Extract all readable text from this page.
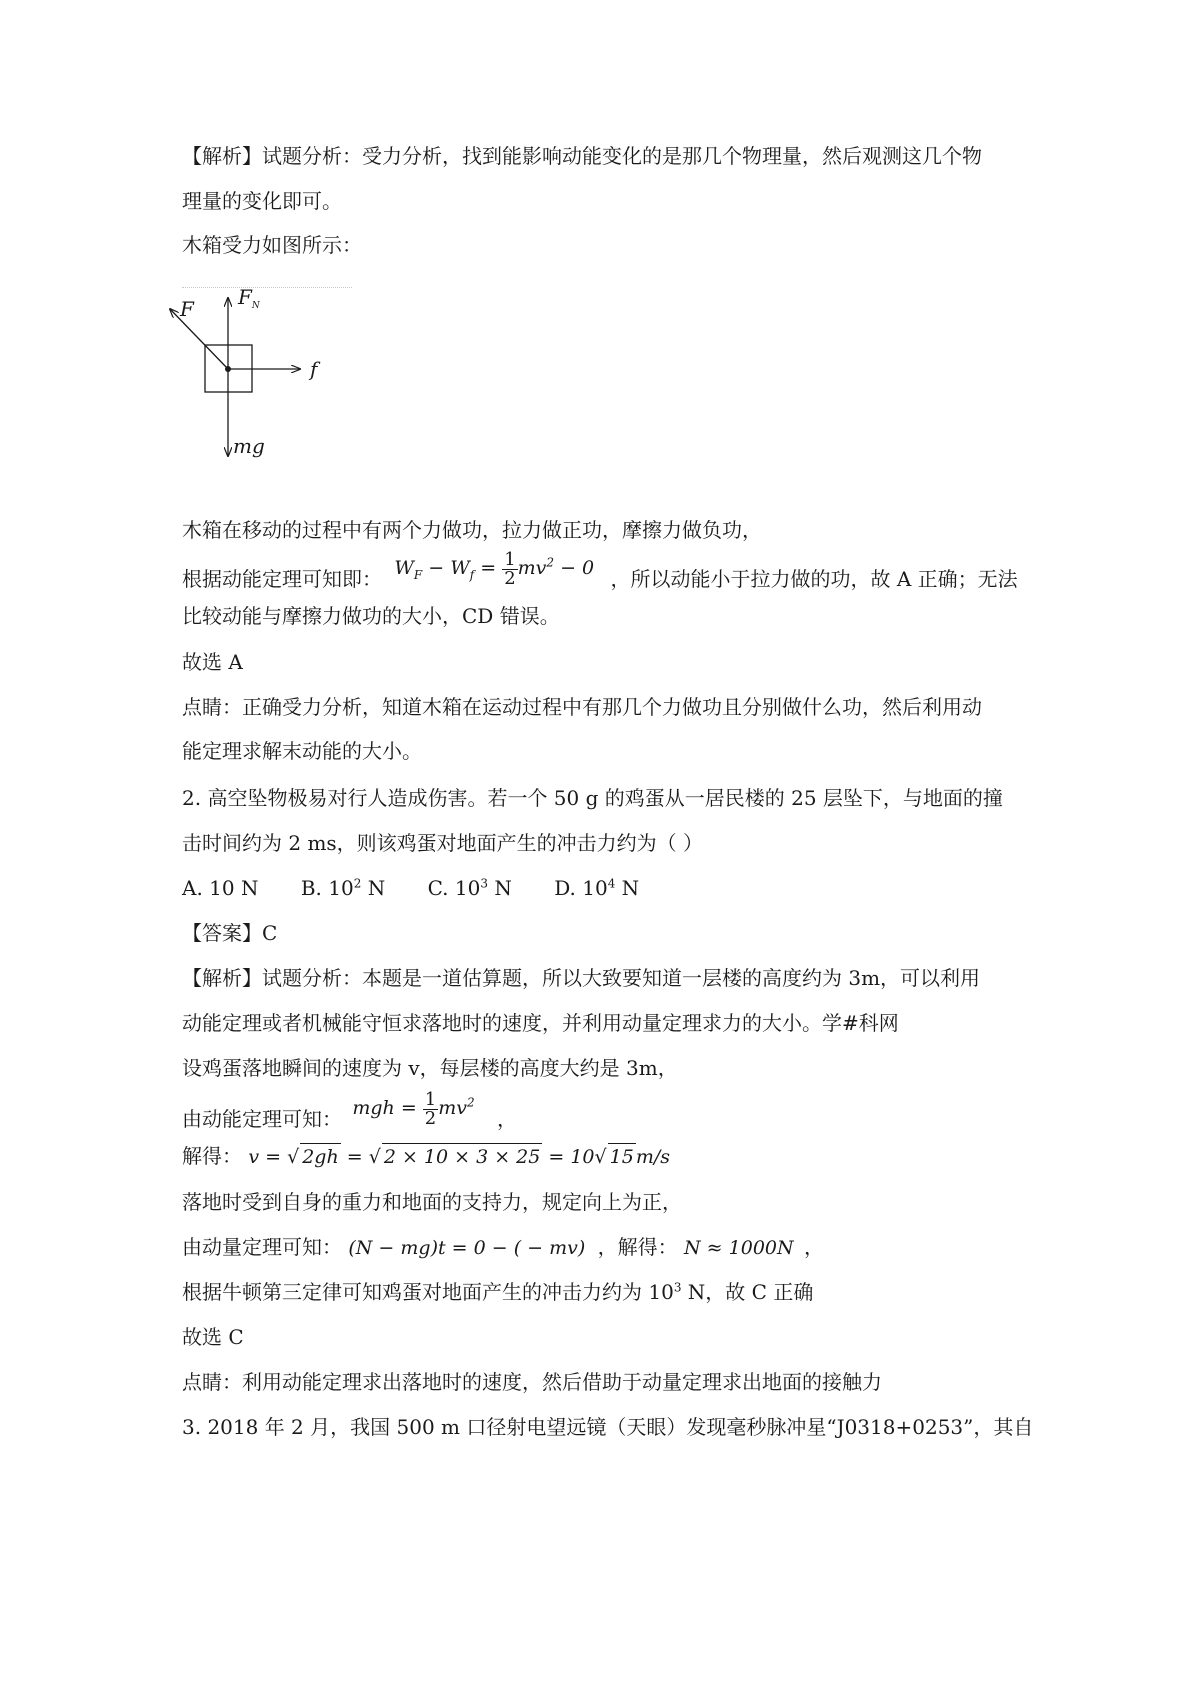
【解析】试题分析：受力分析，找到能影响动能变化的是那几个物理量，然后观测这几个物
理量的变化即可。
木箱受力如图所示：
F $F_N$
f
mg
木箱在移动的过程中有两个力做功，拉力做正功，摩擦力做负功，
根据动能定理可知即： $W_F - W_f = \frac{1}{2} mv^2 - 0$ ，所以动能小于拉力做的功，故 A 正确；无法
比较动能与摩擦力做功的大小，CD 错误。
故选 A
点睛：正确受力分析，知道木箱在运动过程中有那几个力做功且分别做什么功，然后利用动
能定理求解末动能的大小。
2. 高空坠物极易对行人造成伤害。若一个 50 g 的鸡蛋从一居民楼的 25 层坠下，与地面的撞
击时间约为 2 ms，则该鸡蛋对地面产生的冲击力约为（ ）
A. 10 N B. $10^2$ N C. $10^3$ N D. $10^4$ N
【答案】C
【解析】试题分析：本题是一道估算题，所以大致要知道一层楼的高度约为 3m，可以利用
动能定理或者机械能守恒求落地时的速度，并利用动量定理求力的大小。学#科网
设鸡蛋落地瞬间的速度为 v，每层楼的高度大约是 3m，
由动能定理可知： mgh = $\frac{1}{2} mv^2$ ，
解得： v = √ 2gh = √ 2 × 10 × 3 × 25 = 10√ 15 m/s
落地时受到自身的重力和地面的支持力，规定向上为正，
由动量定理可知： (N − mg)t = 0 − ( − mv) ，解得： N ≈ 1000N ，
根据牛顿第三定律可知鸡蛋对地面产生的冲击力约为 $10^3$ N，故 C 正确
故选 C
点睛：利用动能定理求出落地时的速度，然后借助于动量定理求出地面的接触力
3. 2018 年 2 月，我国 500 m 口径射电望远镜（天眼）发现毫秒脉冲星“J0318+0253”，其自
